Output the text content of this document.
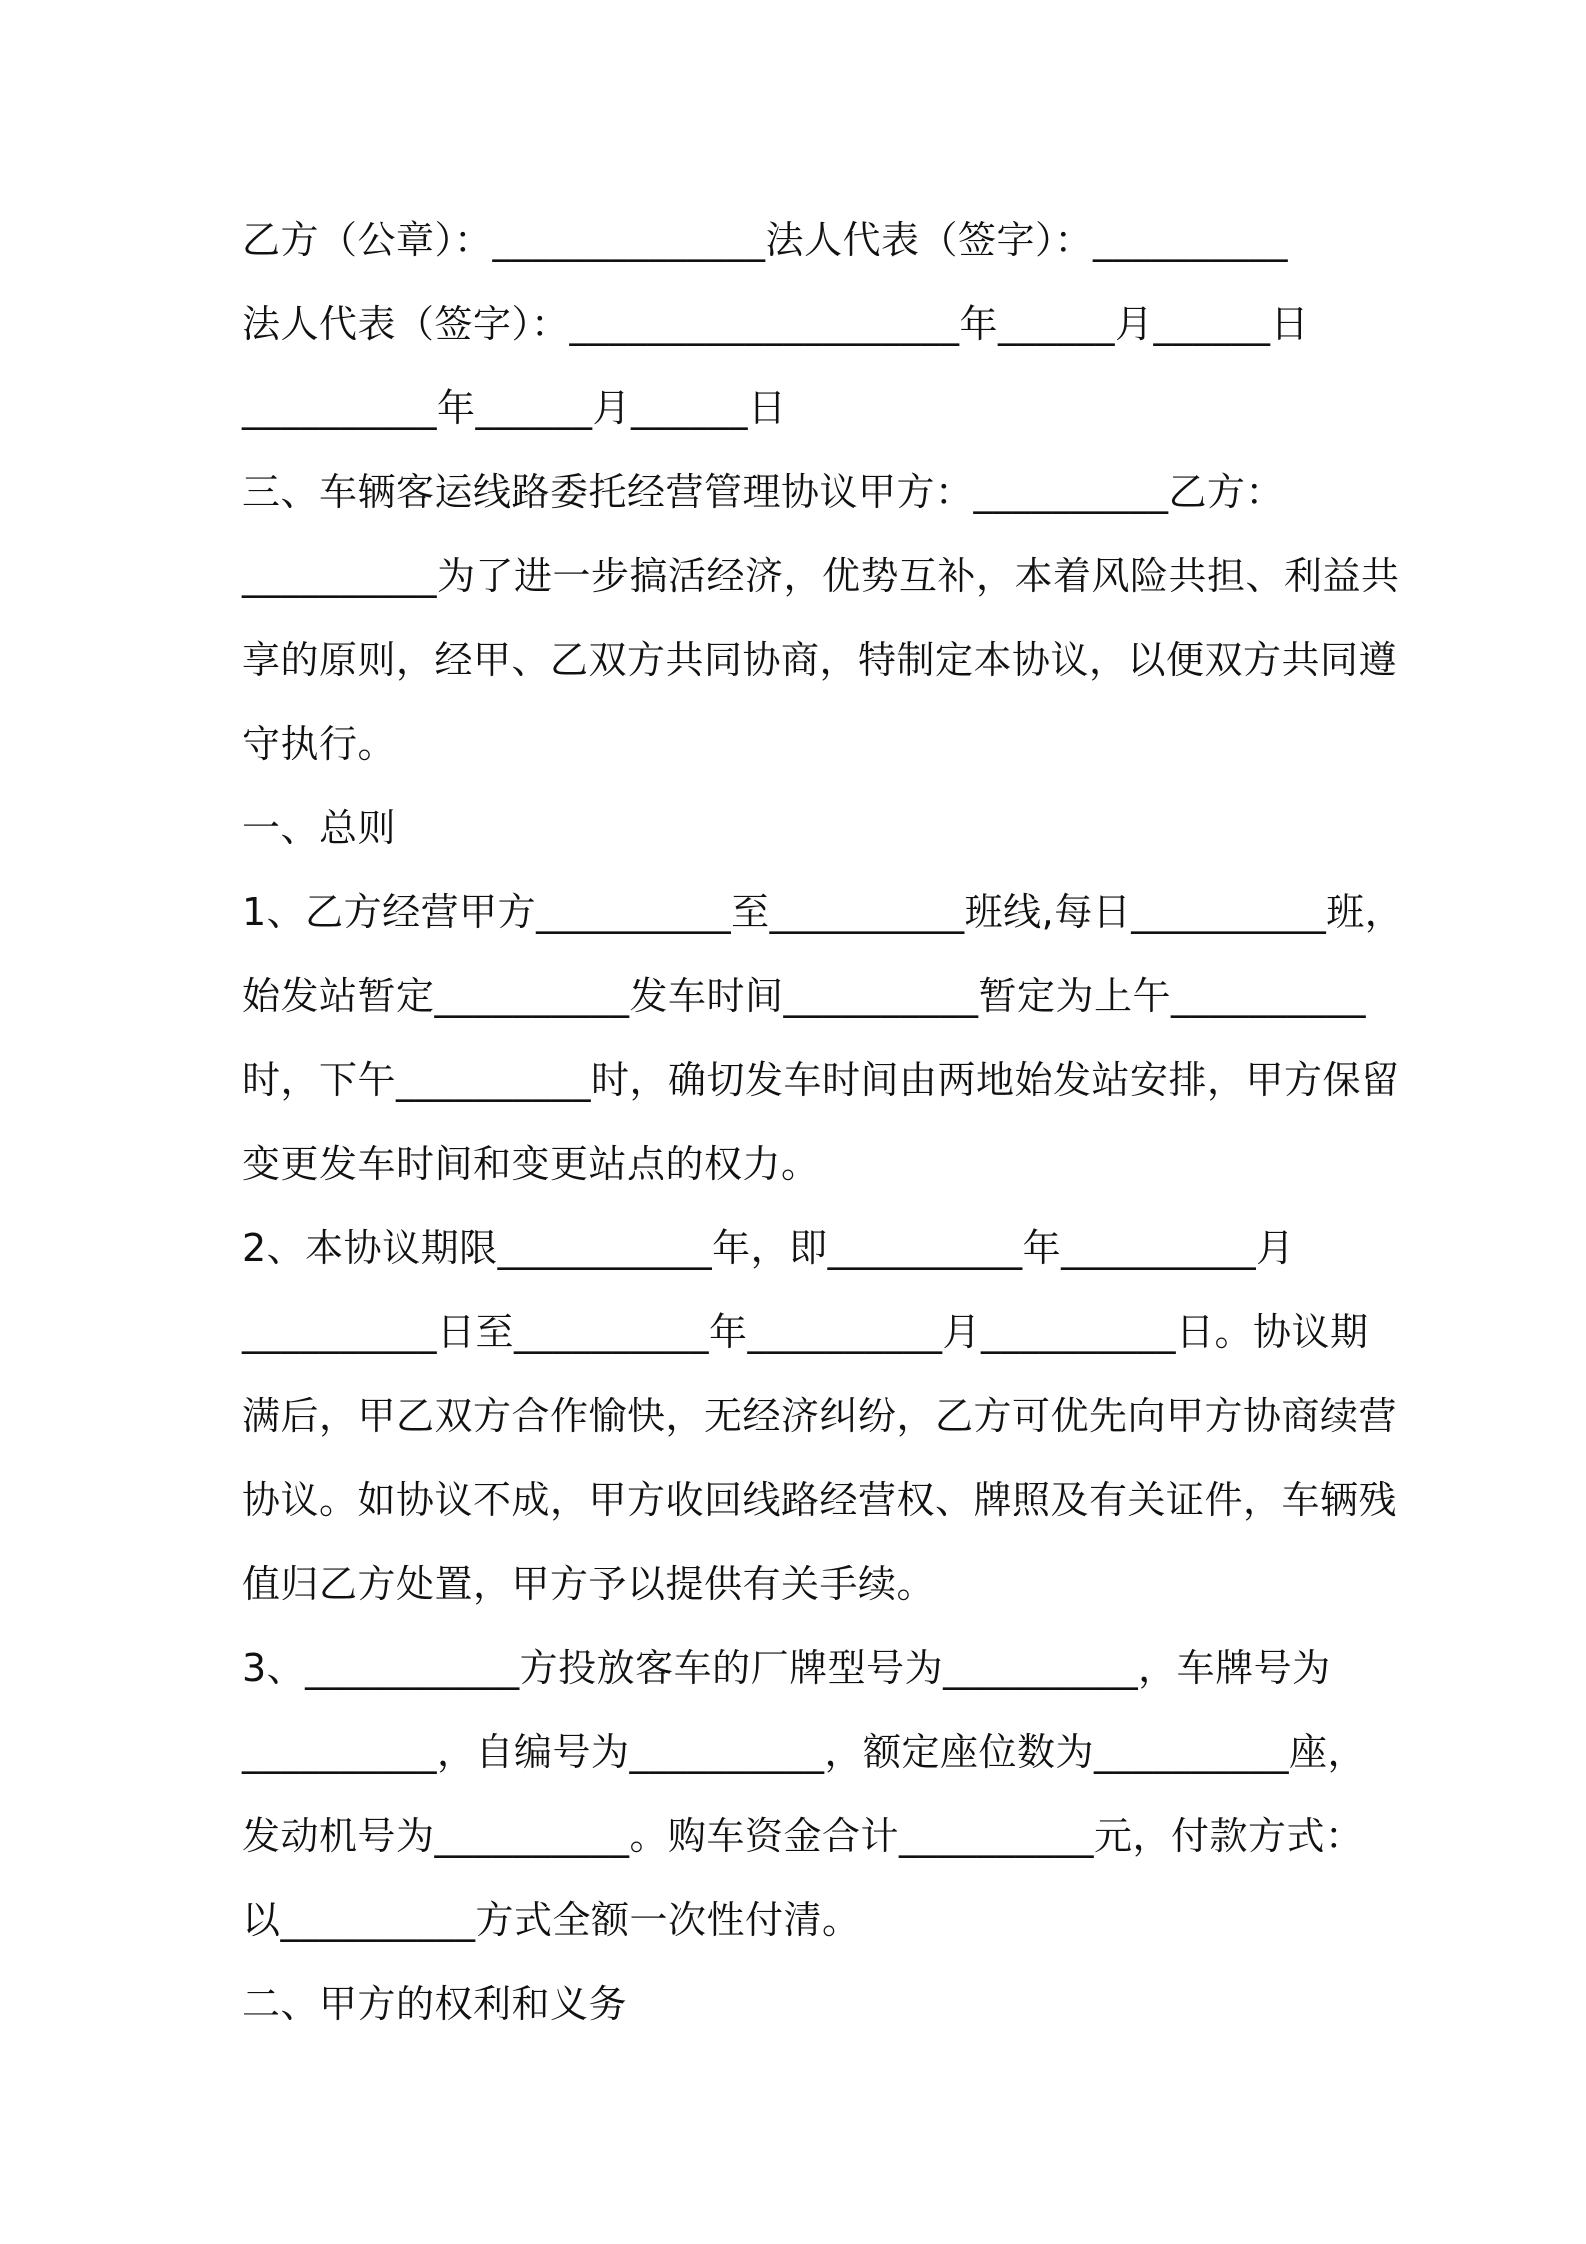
乙方（公章）：______________法人代表（签字）：__________
法人代表（签字）：____________________年______月______日
__________年______月______日
三、车辆客运线路委托经营管理协议甲方：__________乙方：
__________为了进一步搞活经济，优势互补，本着风险共担、利益共
享的原则，经甲、乙双方共同协商，特制定本协议，以便双方共同遵
守执行。
一、总则
1、乙方经营甲方__________至__________班线,每日__________班，
始发站暂定__________发车时间__________暂定为上午__________
时，下午__________时，确切发车时间由两地始发站安排，甲方保留
变更发车时间和变更站点的权力。
2、本协议期限___________年，即__________年__________月
__________日至__________年__________月__________日。协议期
满后，甲乙双方合作愉快，无经济纠纷，乙方可优先向甲方协商续营
协议。如协议不成，甲方收回线路经营权、牌照及有关证件，车辆残
值归乙方处置，甲方予以提供有关手续。
3、___________方投放客车的厂牌型号为__________，车牌号为
__________，自编号为__________，额定座位数为__________座，
发动机号为__________。购车资金合计__________元，付款方式：
以__________方式全额一次性付清。
二、甲方的权利和义务
